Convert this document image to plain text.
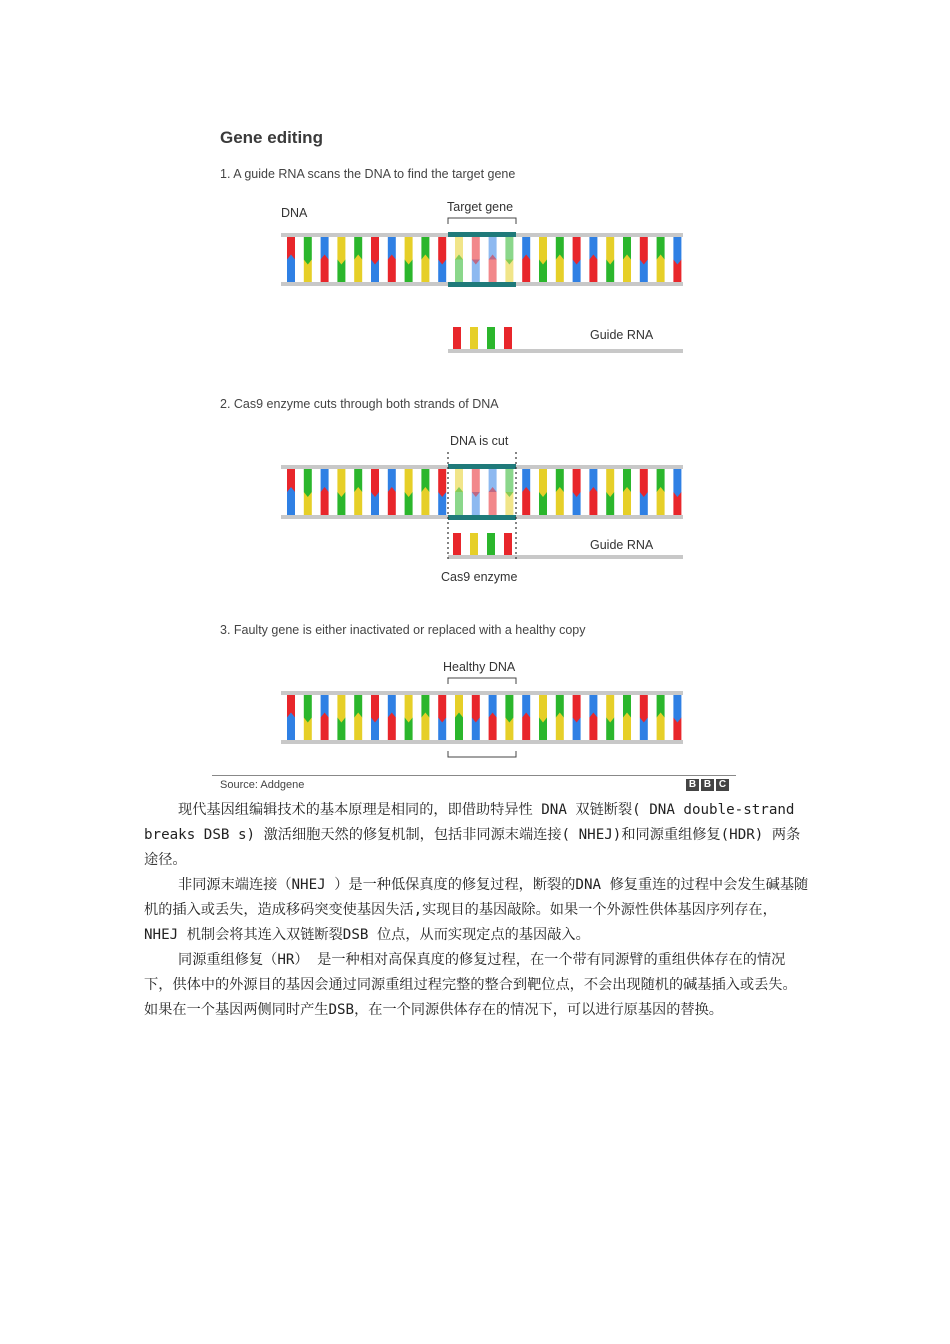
Gene editing
1. A guide RNA scans the DNA to find the target gene
DNA	Target gene
Guide RNA
2. Cas9 enzyme cuts through both strands of DNA
DNA is cut
Guide RNA
Cas9 enzyme
3. Faulty gene is either inactivated or replaced with a healthy copy
Healthy DNA
Source: Addgene	B B C

现代基因组编辑技术的基本原理是相同的，即借助特异性 DNA 双链断裂( DNA double-strand breaks DSB s) 激活细胞天然的修复机制，包括非同源末端连接( NHEJ)和同源重组修复(HDR) 两条途径。

非同源末端连接（NHEJ ）是一种低保真度的修复过程，断裂的DNA 修复重连的过程中会发生碱基随机的插入或丢失，造成移码突变使基因失活,实现目的基因敲除。如果一个外源性供体基因序列存在，NHEJ 机制会将其连入双链断裂DSB 位点，从而实现定点的基因敲入。

同源重组修复（HR） 是一种相对高保真度的修复过程，在一个带有同源臂的重组供体存在的情况下，供体中的外源目的基因会通过同源重组过程完整的整合到靶位点，不会出现随机的碱基插入或丢失。如果在一个基因两侧同时产生DSB，在一个同源供体存在的情况下，可以进行原基因的替换。
